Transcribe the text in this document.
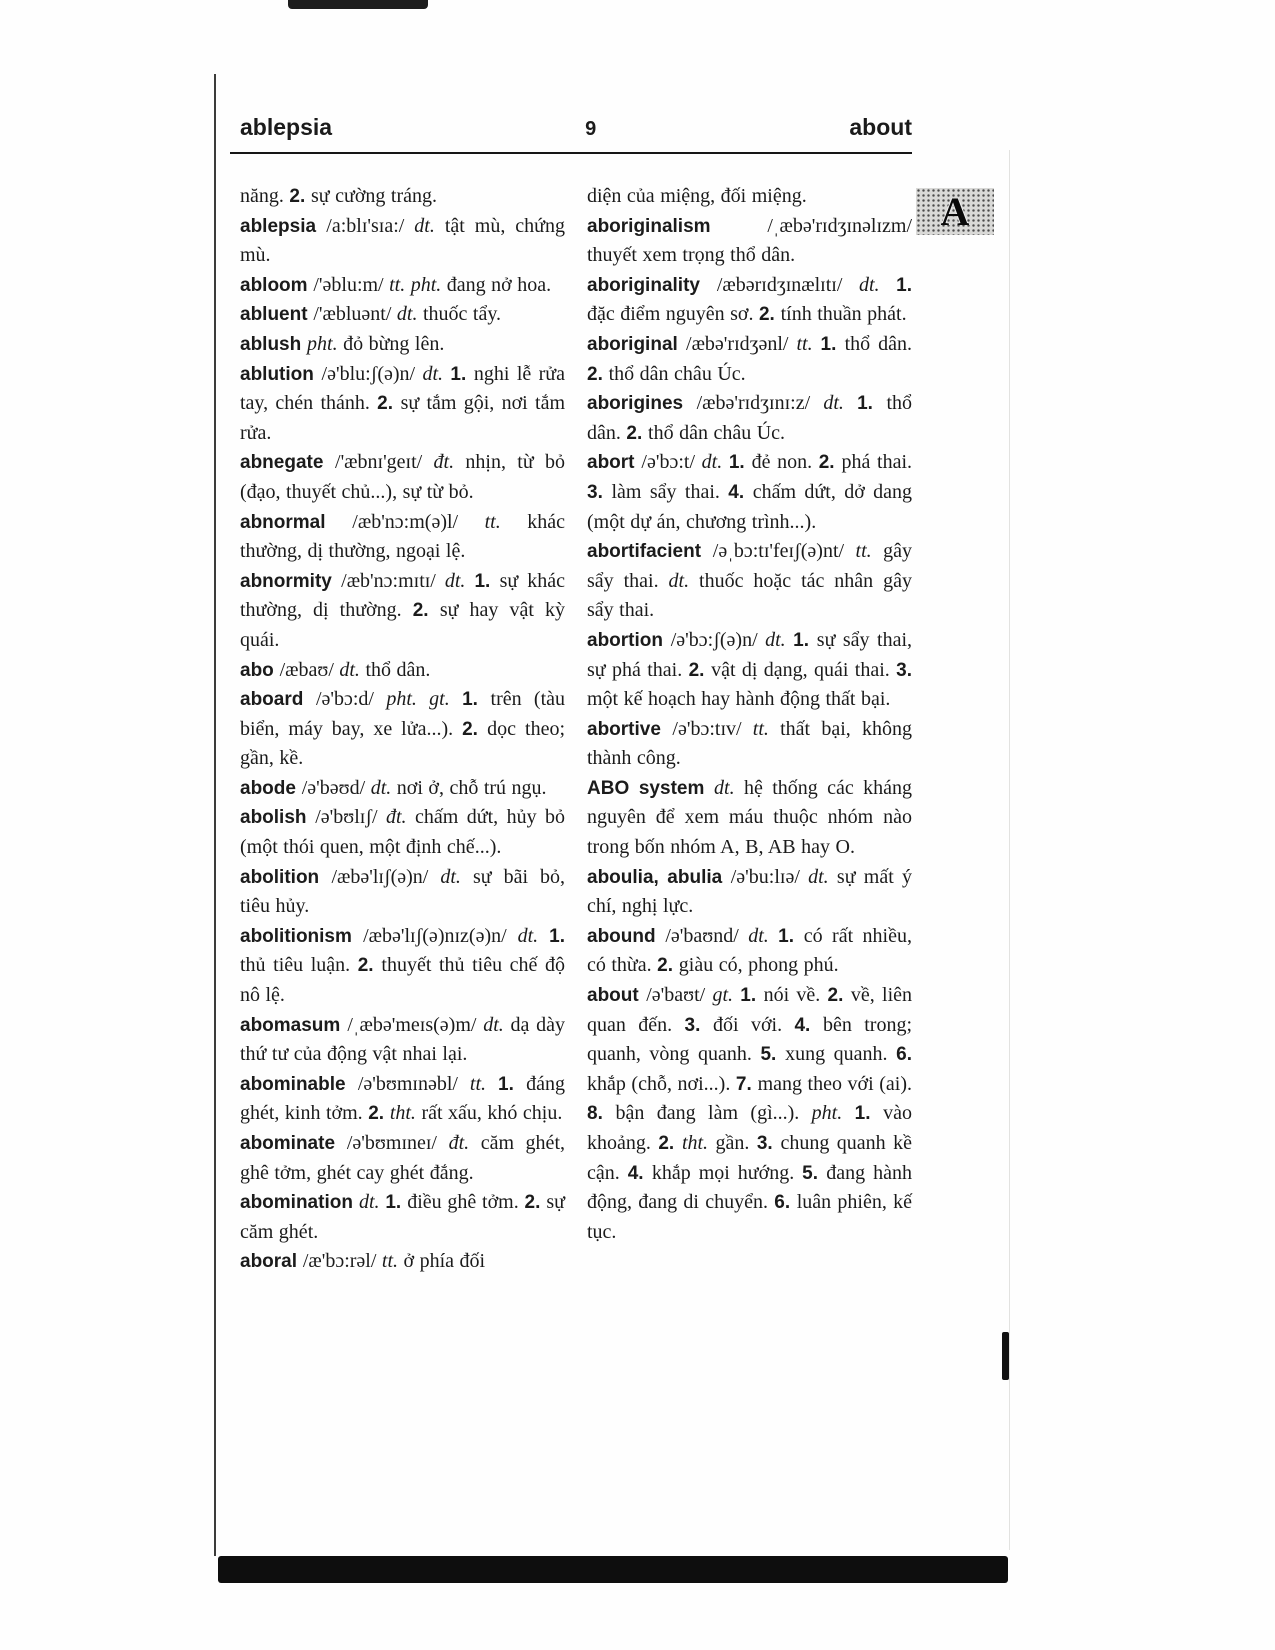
ablepsia	9	about
A

năng. 2. sự cường tráng.

ablepsia /a:blɪ'sɪa:/ dt. tật mù, chứng mù.

abloom /'əblu:m/ tt. pht. đang nở hoa.

abluent /'æbluənt/ dt. thuốc tẩy.

ablush pht. đỏ bừng lên.

ablution /ə'blu:ʃ(ə)n/ dt. 1. nghi lễ rửa tay, chén thánh. 2. sự tắm gội, nơi tắm rửa.

abnegate /'æbnɪ'geɪt/ đt. nhịn, từ bỏ (đạo, thuyết chủ...), sự từ bỏ.

abnormal /æb'nɔ:m(ə)l/ tt. khác thường, dị thường, ngoại lệ.

abnormity /æb'nɔ:mɪtɪ/ dt. 1. sự khác thường, dị thường. 2. sự hay vật kỳ quái.

abo /æbaʊ/ dt. thổ dân.

aboard /ə'bɔ:d/ pht. gt. 1. trên (tàu biển, máy bay, xe lửa...). 2. dọc theo; gần, kề.

abode /ə'bəʊd/ dt. nơi ở, chỗ trú ngụ.

abolish /ə'bʊlɪʃ/ đt. chấm dứt, hủy bỏ (một thói quen, một định chế...).

abolition /æbə'lɪʃ(ə)n/ dt. sự bãi bỏ, tiêu hủy.

abolitionism /æbə'lɪʃ(ə)nɪz(ə)n/ dt. 1. thủ tiêu luận. 2. thuyết thủ tiêu chế độ nô lệ.

abomasum /ˌæbə'meɪs(ə)m/ dt. dạ dày thứ tư của động vật nhai lại.

abominable /ə'bʊmɪnəbl/ tt. 1. đáng ghét, kinh tởm. 2. tht. rất xấu, khó chịu.

abominate /ə'bʊmɪneɪ/ đt. căm ghét, ghê tởm, ghét cay ghét đắng.

abomination dt. 1. điều ghê tởm. 2. sự căm ghét.

aboral /æ'bɔ:rəl/ tt. ở phía đối

diện của miệng, đối miệng.

aboriginalism /ˌæbə'rɪdʒɪnəlɪzm/ thuyết xem trọng thổ dân.

aboriginality /æbərɪdʒɪnælɪtɪ/ dt. 1. đặc điểm nguyên sơ. 2. tính thuần phát.

aboriginal /æbə'rɪdʒənl/ tt. 1. thổ dân. 2. thổ dân châu Úc.

aborigines /æbə'rɪdʒɪnɪ:z/ dt. 1. thổ dân. 2. thổ dân châu Úc.

abort /ə'bɔ:t/ dt. 1. đẻ non. 2. phá thai. 3. làm sẩy thai. 4. chấm dứt, dở dang (một dự án, chương trình...).

abortifacient /əˌbɔ:tɪ'feɪʃ(ə)nt/ tt. gây sẩy thai. dt. thuốc hoặc tác nhân gây sẩy thai.

abortion /ə'bɔ:ʃ(ə)n/ dt. 1. sự sẩy thai, sự phá thai. 2. vật dị dạng, quái thai. 3. một kế hoạch hay hành động thất bại.

abortive /ə'bɔ:tɪv/ tt. thất bại, không thành công.

ABO system dt. hệ thống các kháng nguyên để xem máu thuộc nhóm nào trong bốn nhóm A, B, AB hay O.

aboulia, abulia /ə'bu:lɪə/ dt. sự mất ý chí, nghị lực.

abound /ə'baʊnd/ dt. 1. có rất nhiều, có thừa. 2. giàu có, phong phú.

about /ə'baʊt/ gt. 1. nói về. 2. về, liên quan đến. 3. đối với. 4. bên trong; quanh, vòng quanh. 5. xung quanh. 6. khắp (chỗ, nơi...). 7. mang theo với (ai). 8. bận đang làm (gì...). pht. 1. vào khoảng. 2. tht. gần. 3. chung quanh kề cận. 4. khắp mọi hướng. 5. đang hành động, đang di chuyển. 6. luân phiên, kế tục.
